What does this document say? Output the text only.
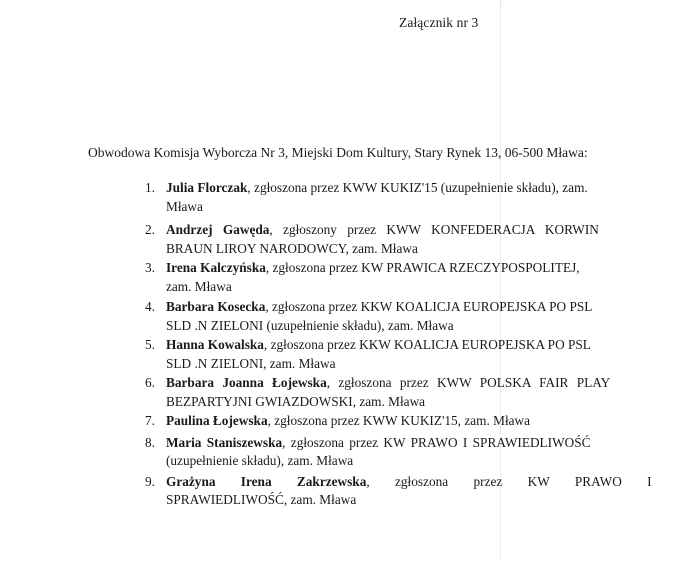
Załącznik nr 3
Obwodowa Komisja Wyborcza Nr 3, Miejski Dom Kultury, Stary Rynek 13, 06-500 Mława:
1. Julia Florczak, zgłoszona przez KWW KUKIZ'15 (uzupełnienie składu), zam.
Mława
2. Andrzej Gawęda, zgłoszony przez KWW KONFEDERACJA KORWIN
BRAUN LIROY NARODOWCY, zam. Mława
3. Irena Kalczyńska, zgłoszona przez KW PRAWICA RZECZYPOSPOLITEJ,
zam. Mława
4. Barbara Kosecka, zgłoszona przez KKW KOALICJA EUROPEJSKA PO PSL
SLD .N ZIELONI (uzupełnienie składu), zam. Mława
5. Hanna Kowalska, zgłoszona przez KKW KOALICJA EUROPEJSKA PO PSL
SLD .N ZIELONI, zam. Mława
6. Barbara Joanna Łojewska, zgłoszona przez KWW POLSKA FAIR PLAY
BEZPARTYJNI GWIAZDOWSKI, zam. Mława
7. Paulina Łojewska, zgłoszona przez KWW KUKIZ'15, zam. Mława
8. Maria Staniszewska, zgłoszona przez KW PRAWO I SPRAWIEDLIWOŚĆ
(uzupełnienie składu), zam. Mława
9. Grażyna Irena Zakrzewska, zgłoszona przez KW PRAWO I
SPRAWIEDLIWOŚĆ, zam. Mława
